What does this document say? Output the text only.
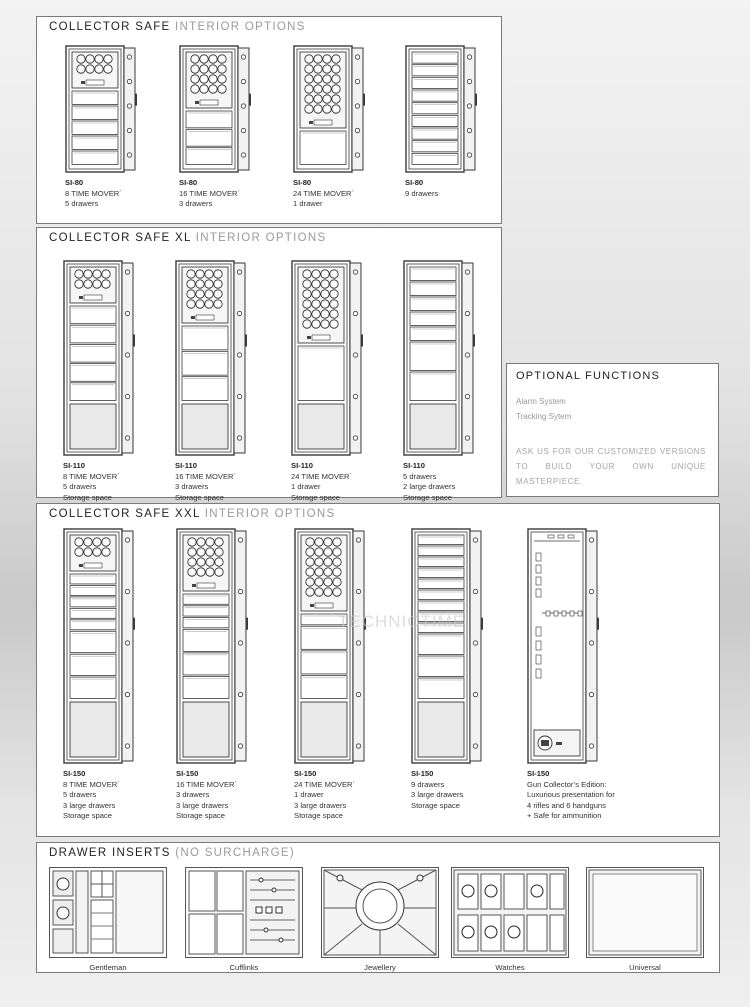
COLLECTOR SAFE INTERIOR OPTIONS
SI-80
8 TIME MOVER´
5 drawers
SI-80
16 TIME MOVER´
3 drawers
SI-80
24 TIME MOVER´
1 drawer
SI-80
9 drawers
COLLECTOR SAFE XL INTERIOR OPTIONS
SI-110
8 TIME MOVER´
5 drawers
Storage space
SI-110
16 TIME MOVER´
3 drawers
Storage space
SI-110
24 TIME MOVER´
1 drawer
Storage space
SI-110
5 drawers
2 large drawers
Storage space
OPTIONAL FUNCTIONS
Alarm System
Tracking Sytem
ASK US FOR OUR CUSTOMIZED VERSIONS TO BUILD YOUR OWN UNIQUE MASTERPIECE.
COLLECTOR SAFE XXL INTERIOR OPTIONS
SI-150
8 TIME MOVER´
5 drawers
3 large drawers
Storage space
SI-150
16 TIME MOVER´
3 drawers
3 large drawers
Storage space
SI-150
24 TIME MOVER´
1 drawer
3 large drawers
Storage space
SI-150
9 drawers
3 large drawers
Storage space
SI-150
Gun Collector’s Edition:
Luxurious presentation for
4 rifles and 6 handguns
+ Safe for ammunition
DRAWER INSERTS (NO SURCHARGE)
Gentleman	Cufflinks	Jewellery	Watches	Universal
TECHNICTIME
